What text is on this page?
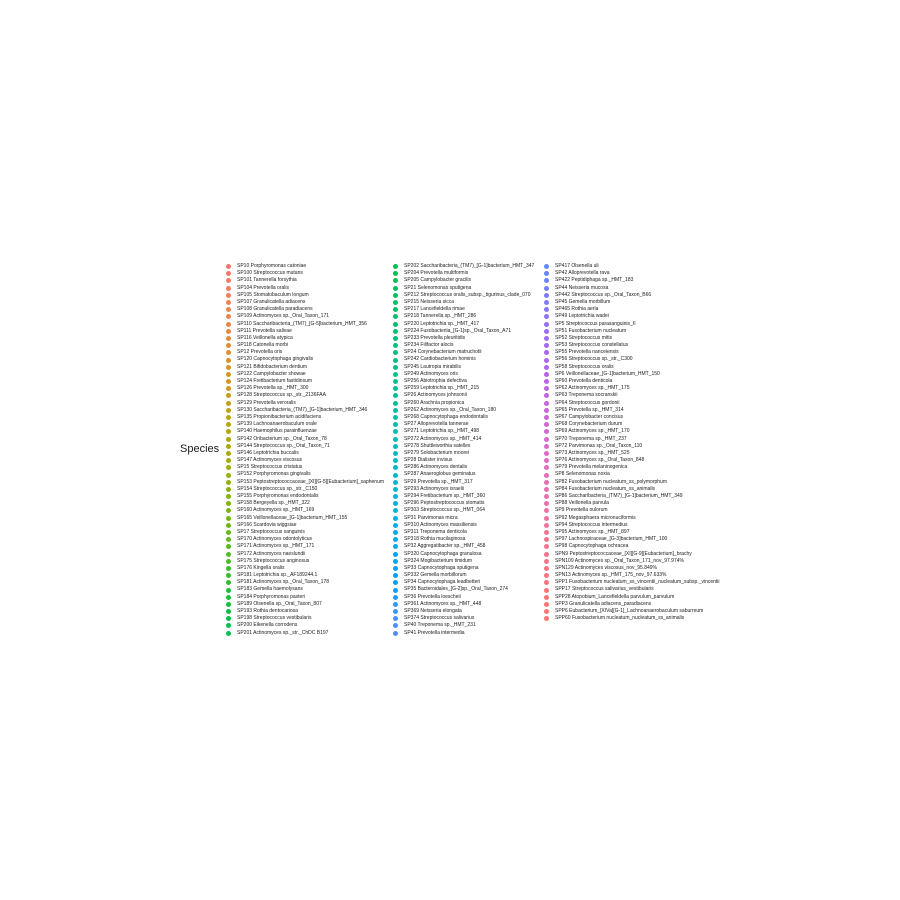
Species
SP10 Porphyromonas catoniae
SP100 Streptococcus mutans
SP101 Tannerella forsythia
SP104 Prevotella oralis
SP105 Stomatobaculum longum
SP107 Granulicatella adiacens
SP108 Granulicatella paradiacens
SP109 Actinomyces sp._Oral_Taxon_171
SP110 Saccharibacteria_(TM7)_[G-5]bacterium_HMT_356
SP111 Prevotella salivae
SP116 Veillonella atypica
SP118 Catonella morbi
SP12 Prevotella oris
SP120 Capnocytophaga gingivalis
SP121 Bifidobacterium dentium
SP122 Campylobacter showae
SP124 Fretibacterium fastidiosum
SP126 Prevotella sp._HMT_300
SP128 Streptococcus sp._str._2136FAA
SP129 Prevotella veroralis
SP130 Saccharibacteria_(TM7)_[G-1]bacterium_HMT_346
SP135 Propionibacterium acidifaciens
SP139 Lachnoanaerobaculum orale
SP140 Haemophilus parainfluenzae
SP142 Oribacterium sp._Oral_Taxon_78
SP144 Streptococcus sp._Oral_Taxon_71
SP146 Leptotrichia buccalis
SP147 Actinomyces viscosus
SP15 Streptococcus cristatus
SP152 Porphyromonas gingivalis
SP153 Peptostreptococcaceae_[XI][G-5][Eubacterium]_saphenum
SP154 Streptococcus sp._str._C150
SP155 Porphyromonas endodontalis
SP158 Bergeyella sp._HMT_322
SP160 Actinomyces sp._HMT_169
SP165 Veillonellaceae_[G-1]bacterium_HMT_155
SP166 Scardovia wiggsiae
SP17 Streptococcus sanguinis
SP170 Actinomyces odontolyticus
SP171 Actinomyces sp._HMT_171
SP172 Actinomyces naeslundii
SP175 Streptococcus anginosus
SP176 Kingella oralis
SP181 Leptotrichia sp._AF189244.1
SP181 Actinomyces sp._Oral_Taxon_178
SP183 Gemella haemolysans
SP184 Porphyromonas pasteri
SP189 Olsenella sp._Oral_Taxon_807
SP193 Rothia dentocariosa
SP198 Streptococcus vestibularis
SP200 Eikenella corrodens
SP201 Actinomyces sp._str._ChDC B197
SP202 Saccharibacteria_(TM7)_[G-1]bacterium_HMT_347
SP204 Prevotella multiformis
SP205 Campylobacter gracilis
SP21 Selenomonas sputigena
SP212 Streptococcus oralis_subsp._tigurinus_clade_070
SP215 Neisseria sicca
SP217 Lancefieldella rimae
SP218 Tannerella sp._HMT_286
SP220 Leptotrichia sp._HMT_417
SP224 Fusobacteriia_[G-1]sp._Oral_Taxon_A71
SP233 Prevotella pleuritidis
SP234 Filifactor alocis
SP24 Corynebacterium matruchotii
SP242 Cardiobacterium hominis
SP245 Lautropia mirabilis
SP249 Actinomyces oris
SP256 Abiotrophia defectiva
SP259 Leptotrichia sp._HMT_215
SP26 Actinomyces johnsonii
SP260 Arachnia propionica
SP262 Actinomyces sp._Oral_Taxon_180
SP268 Capnocytophaga endodontalis
SP27 Alloprevotella tannerae
SP271 Leptotrichia sp._HMT_498
SP272 Actinomyces sp._HMT_414
SP278 Shuttleworthia satelles
SP279 Solobacterium moorei
SP28 Dialister invisus
SP286 Actinomyces dentalis
SP287 Anaeroglobus geminatus
SP29 Prevotella sp._HMT_317
SP293 Actinomyces israelii
SP294 Fretibacterium sp._HMT_360
SP296 Peptostreptococcus stomatis
SP303 Streptococcus sp._HMT_064
SP31 Parvimonas micra
SP310 Actinomyces massiliensis
SP311 Treponema denticola
SP318 Rothia mucilaginosa
SP32 Aggregatibacter sp._HMT_458
SP320 Capnocytophaga granulosa
SP324 Mogibacterium timidum
SP33 Capnocytophaga sputigena
SP332 Gemella morbillorum
SP34 Capnocytophaga leadbetteri
SP35 Bacteroidales_[G-2]sp._Oral_Taxon_274
SP36 Prevotella loescheii
SP361 Actinomyces sp._HMT_448
SP369 Neisseria elongata
SP374 Streptococcus salivarius
SP40 Treponema sp._HMT_231
SP41 Prevotella intermedia
SP417 Olsenella uli
SP42 Alloprevotella rava
SP422 Peptidiphaga sp._HMT_183
SP44 Neisseria mucosa
SP442 Streptococcus sp._Oral_Taxon_B66
SP45 Gemella morbillum
SP465 Rothia aeria
SP49 Leptotrichia wadei
SP5 Streptococcus parasanguinis_II
SP51 Fusobacterium nucleatum
SP52 Streptococcus mitis
SP53 Streptococcus constellatus
SP55 Prevotella nanceiensis
SP56 Streptococcus sp._str._C300
SP58 Streptococcus oralis
SP6 Veillonellaceae_[G-1]bacterium_HMT_150
SP60 Prevotella denticola
SP62 Actinomyces sp._HMT_175
SP63 Treponema socranskii
SP64 Streptococcus gordonii
SP65 Prevotella sp._HMT_314
SP67 Campylobacter concisus
SP68 Corynebacterium durum
SP69 Actinomyces sp._HMT_170
SP70 Treponema sp._HMT_237
SP72 Parvimonas sp._Oral_Taxon_110
SP73 Actinomyces sp._HMT_525
SP76 Actinomyces sp._Oral_Taxon_848
SP79 Prevotella melaninogenica
SP8 Selenomonas noxia
SP82 Fusobacterium nucleatum_ss_polymorphum
SP84 Fusobacterium nucleatum_ss_animalis
SP86 Saccharibacteria_(TM7)_[G-1]bacterium_HMT_349
SP88 Veillonella parvula
SP9 Prevotella oulorum
SP92 Megasphaera micronuciformis
SP94 Streptococcus intermedius
SP95 Actinomyces sp._HMT_897
SP97 Lachnospiraceae_[G-3]bacterium_HMT_100
SP98 Capnocytophaga ochracea
SPN9 Peptostreptococcaceae_[XI][G-9][Eubacterium]_brachy
SPN109 Actinomyces sp._Oral_Taxon_171_nov_97.974%
SPN129 Actinomyces viscosus_nov_95.849%
SPN13 Actinomyces sp._HMT_175_nov_97.633%
SPP1 Fusobacterium nucleatum_ss_vincentii_nucleatum_subsp._vincentii
SPP17 Streptococcus salivarius_vestibularis
SPP28 Atopobium_Lancefieldella parvulum_parvulum
SPP3 Granulicatella adiacens_paradiacens
SPP6 Eubacterium_[XIVa][G-1]_Lachnoanaerobaculum saburreum
SPP60 Fusobacterium nucleatum_nucleatum_ss_animalis
